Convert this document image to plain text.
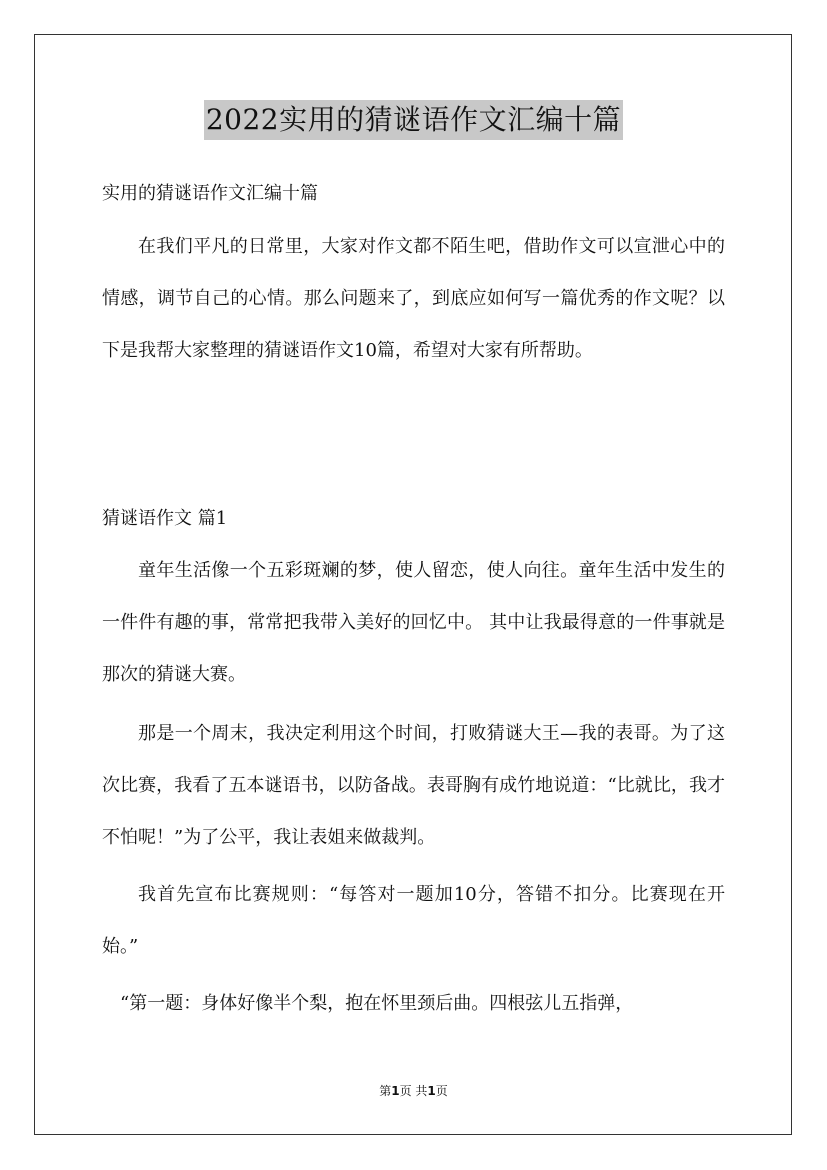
2022实用的猜谜语作文汇编十篇
实用的猜谜语作文汇编十篇
在我们平凡的日常里，大家对作文都不陌生吧，借助作文可以宣泄心中的情感，调节自己的心情。那么问题来了，到底应如何写一篇优秀的作文呢？以下是我帮大家整理的猜谜语作文10篇，希望对大家有所帮助。
猜谜语作文 篇1
童年生活像一个五彩斑斓的梦，使人留恋，使人向往。童年生活中发生的一件件有趣的事，常常把我带入美好的回忆中。 其中让我最得意的一件事就是那次的猜谜大赛。
那是一个周末，我决定利用这个时间，打败猜谜大王—我的表哥。为了这次比赛，我看了五本谜语书，以防备战。表哥胸有成竹地说道：“比就比，我才不怕呢！”为了公平，我让表姐来做裁判。
我首先宣布比赛规则：“每答对一题加10分，答错不扣分。比赛现在开始。”
“第一题：身体好像半个梨，抱在怀里颈后曲。四根弦儿五指弹，
第1页 共1页
